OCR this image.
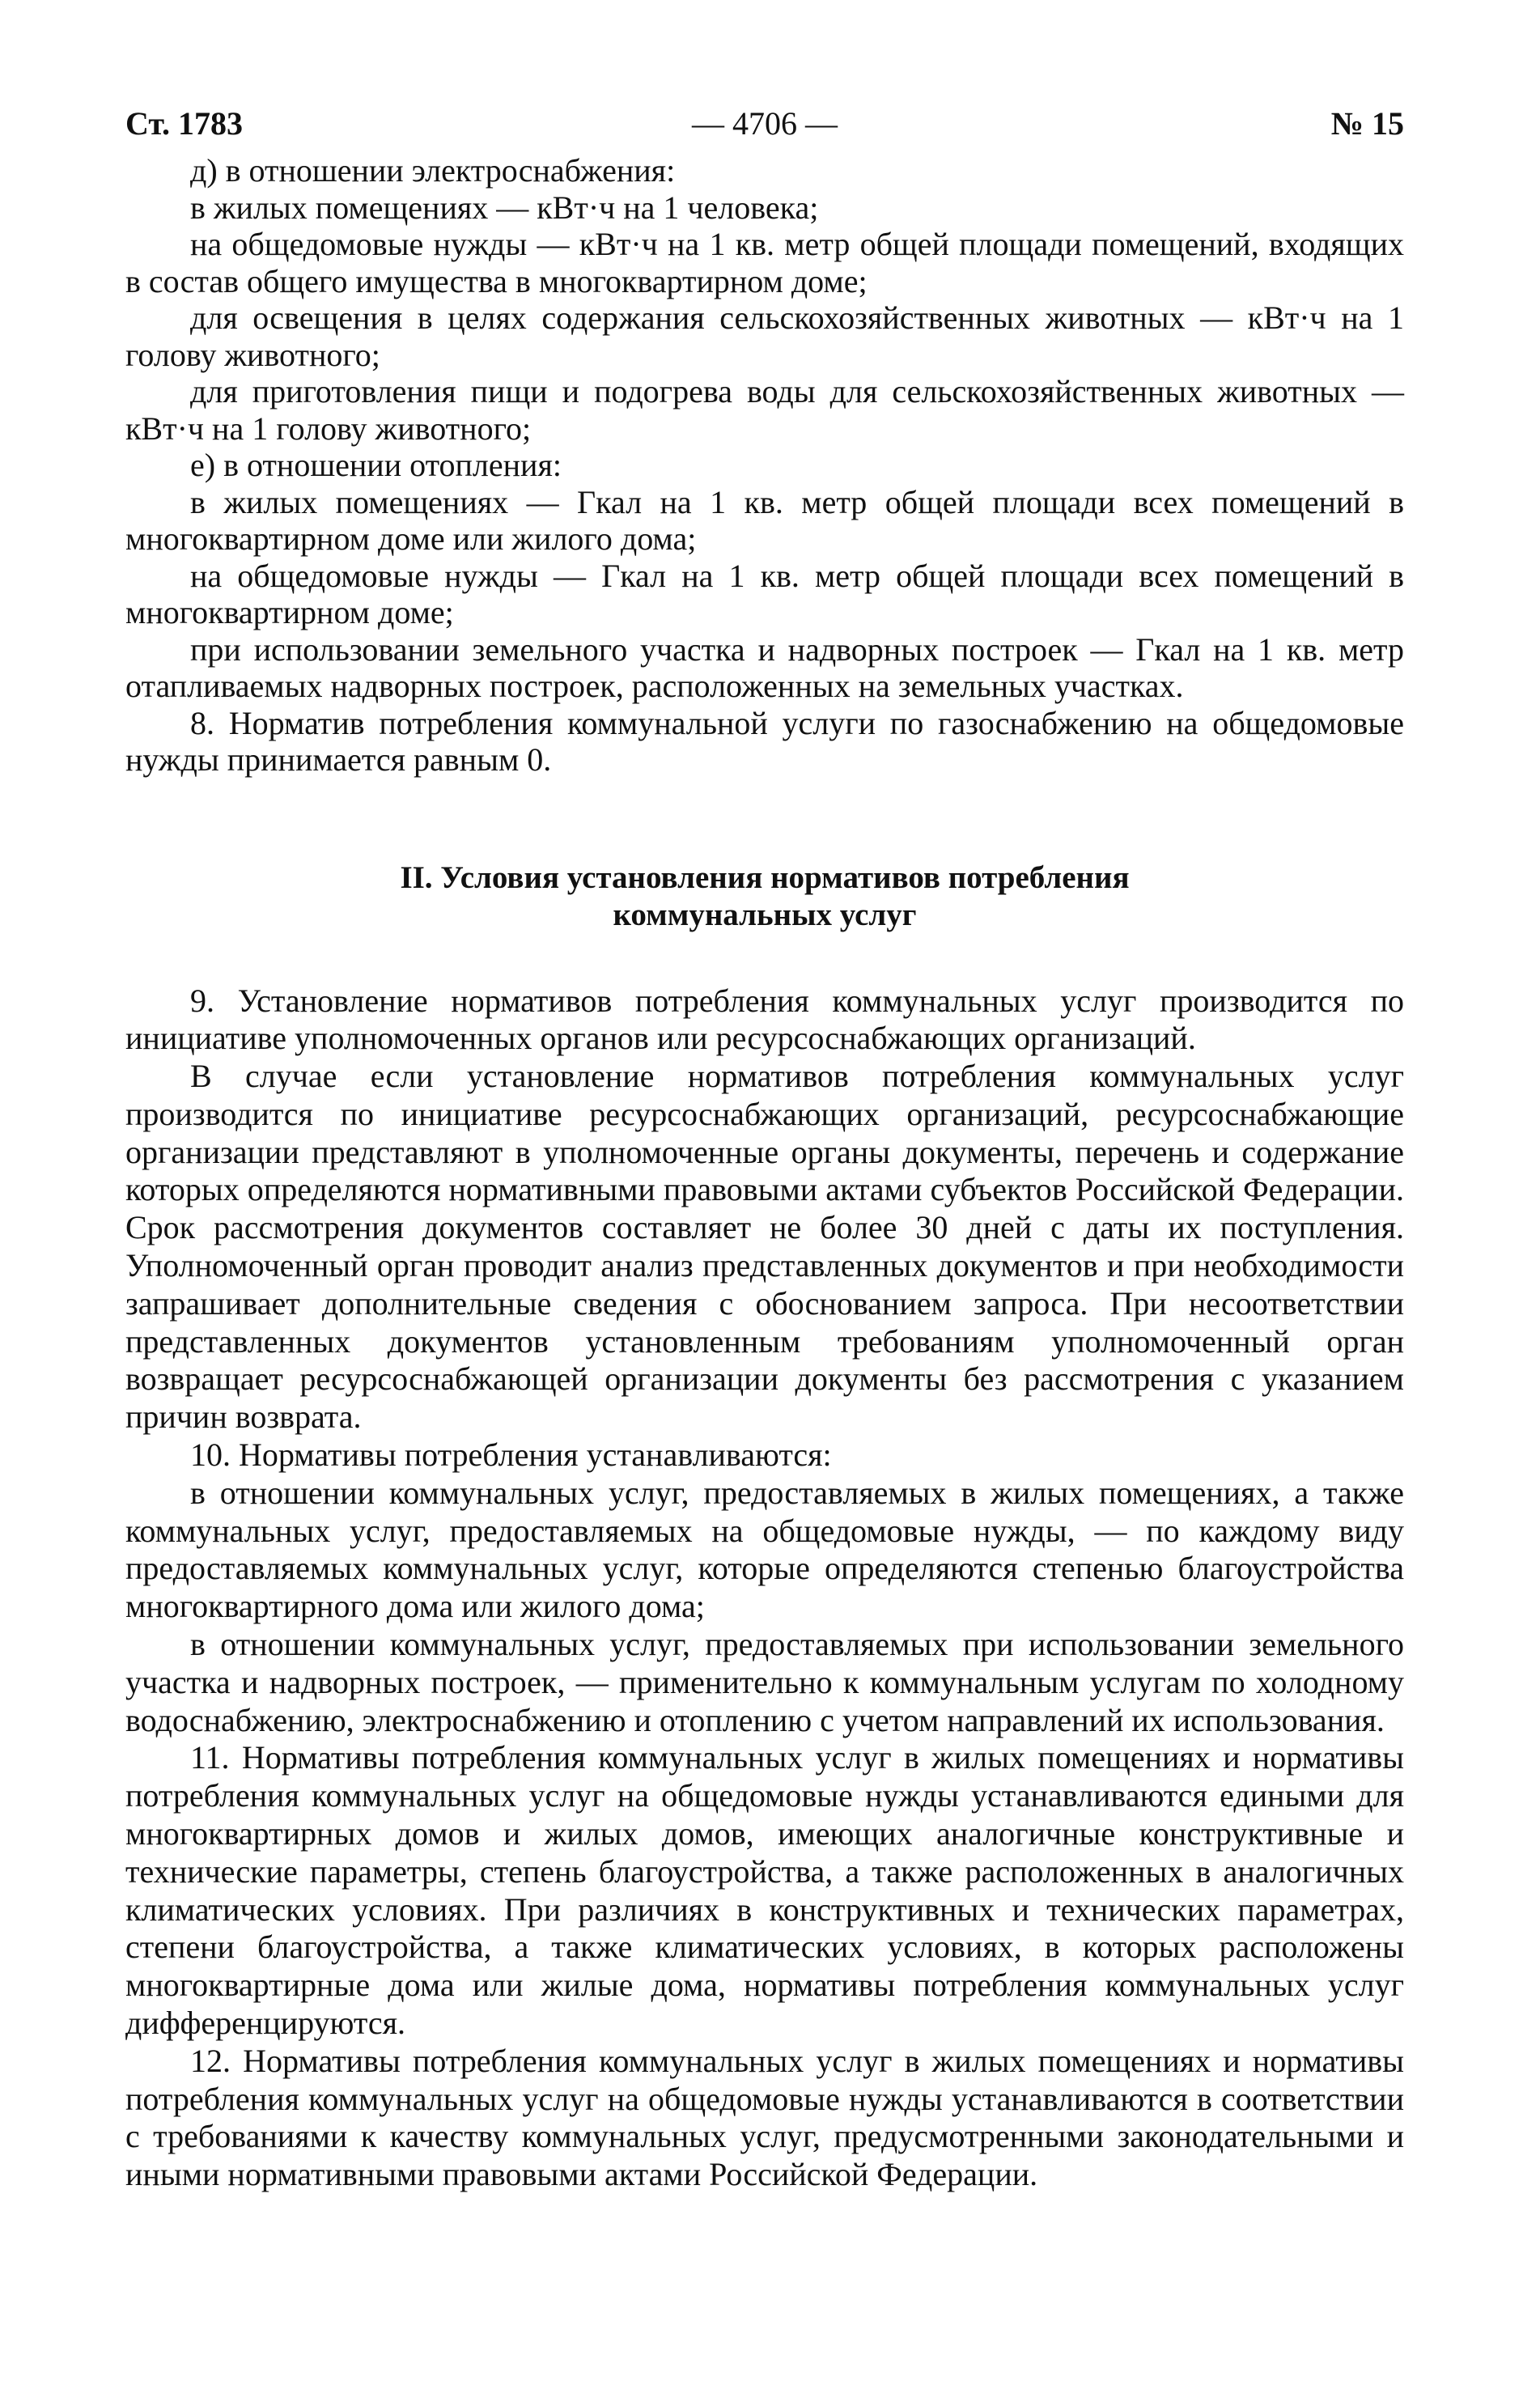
Ст. 1783	— 4706 —	№ 15

д) в отношении электроснабжения:

в жилых помещениях — кВт·ч на 1 человека;

на общедомовые нужды — кВт·ч на 1 кв. метр общей площади помещений, входящих в состав общего имущества в многоквартирном доме;

для освещения в целях содержания сельскохозяйственных животных — кВт·ч на 1 голову животного;

для приготовления пищи и подогрева воды для сельскохозяйственных животных — кВт·ч на 1 голову животного;

е) в отношении отопления:

в жилых помещениях — Гкал на 1 кв. метр общей площади всех помещений в многоквартирном доме или жилого дома;

на общедомовые нужды — Гкал на 1 кв. метр общей площади всех помещений в многоквартирном доме;

при использовании земельного участка и надворных построек — Гкал на 1 кв. метр отапливаемых надворных построек, расположенных на земельных участках.

8. Норматив потребления коммунальной услуги по газоснабжению на общедомовые нужды принимается равным 0.

II. Условия установления нормативов потребления
коммунальных услуг

9. Установление нормативов потребления коммунальных услуг производится по инициативе уполномоченных органов или ресурсоснабжающих организаций.

В случае если установление нормативов потребления коммунальных услуг производится по инициативе ресурсоснабжающих организаций, ресурсоснабжающие организации представляют в уполномоченные органы документы, перечень и содержание которых определяются нормативными правовыми актами субъектов Российской Федерации. Срок рассмотрения документов составляет не более 30 дней с даты их поступления. Уполномоченный орган проводит анализ представленных документов и при необходимости запрашивает дополнительные сведения с обоснованием запроса. При несоответствии представленных документов установленным требованиям уполномоченный орган возвращает ресурсоснабжающей организации документы без рассмотрения с указанием причин возврата.

10. Нормативы потребления устанавливаются:

в отношении коммунальных услуг, предоставляемых в жилых помещениях, а также коммунальных услуг, предоставляемых на общедомовые нужды, — по каждому виду предоставляемых коммунальных услуг, которые определяются степенью благоустройства многоквартирного дома или жилого дома;

в отношении коммунальных услуг, предоставляемых при использовании земельного участка и надворных построек, — применительно к коммунальным услугам по холодному водоснабжению, электроснабжению и отоплению с учетом направлений их использования.

11. Нормативы потребления коммунальных услуг в жилых помещениях и нормативы потребления коммунальных услуг на общедомовые нужды устанавливаются едиными для многоквартирных домов и жилых домов, имеющих аналогичные конструктивные и технические параметры, степень благоустройства, а также расположенных в аналогичных климатических условиях. При различиях в конструктивных и технических параметрах, степени благоустройства, а также климатических условиях, в которых расположены многоквартирные дома или жилые дома, нормативы потребления коммунальных услуг дифференцируются.

12. Нормативы потребления коммунальных услуг в жилых помещениях и нормативы потребления коммунальных услуг на общедомовые нужды устанавливаются в соответствии с требованиями к качеству коммунальных услуг, предусмотренными законодательными и иными нормативными правовыми актами Российской Федерации.
